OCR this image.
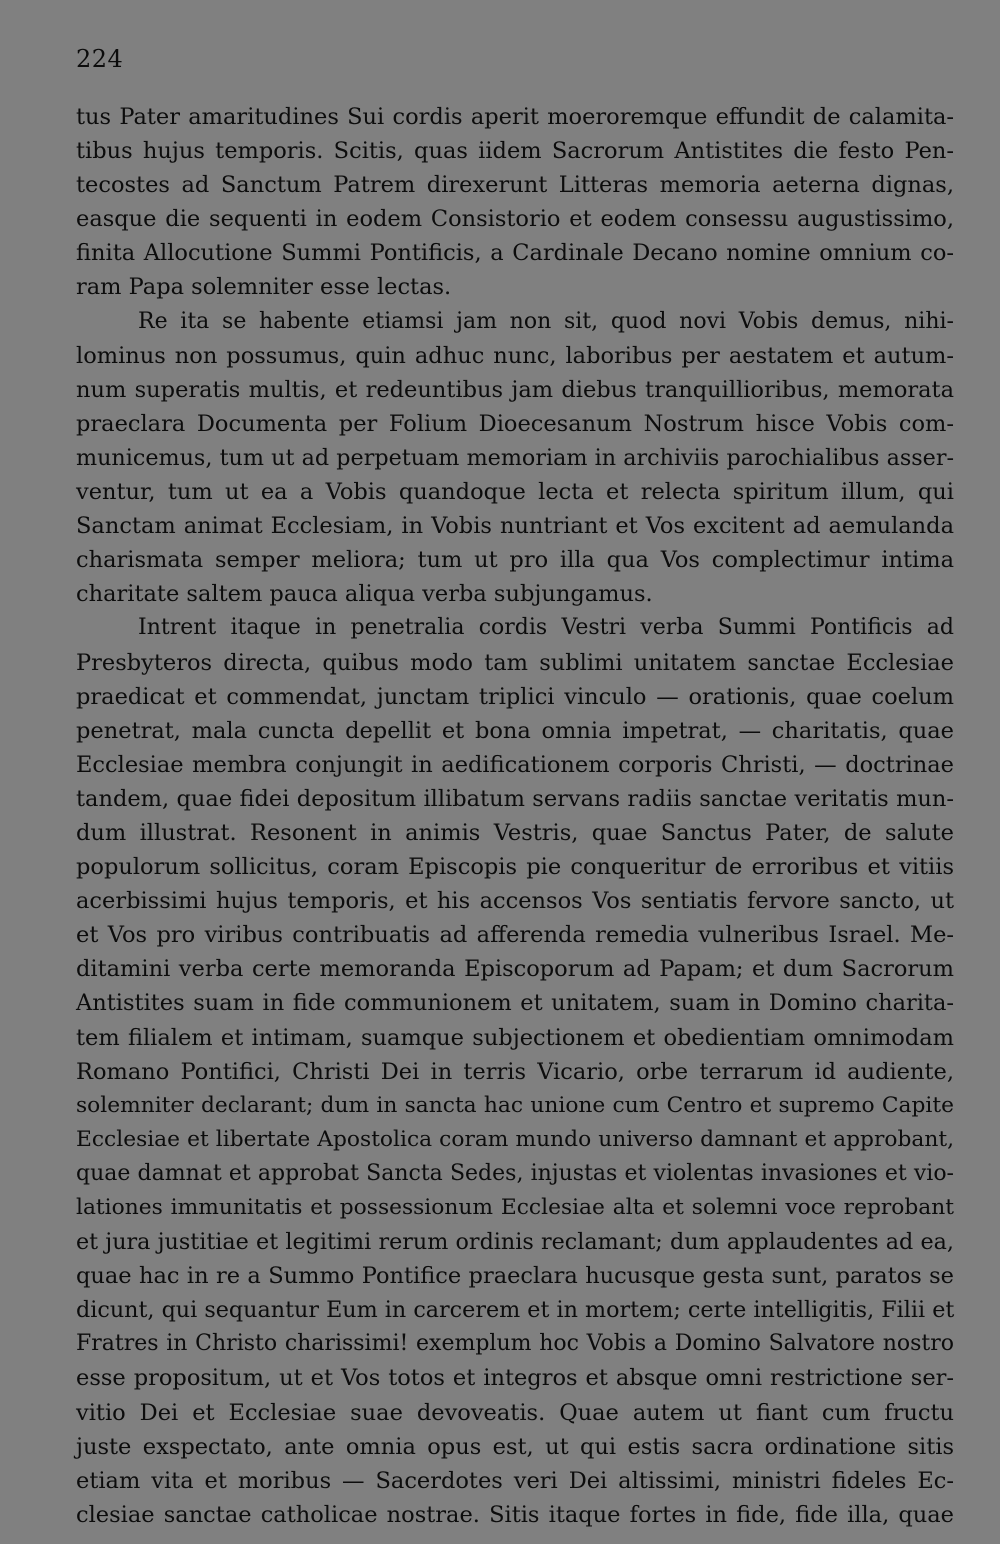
224
tus Pater amaritudines Sui cordis aperit moeroremque effundit de calamita-
tibus hujus temporis. Scitis, quas iidem Sacrorum Antistites die festo Pen-
tecostes ad Sanctum Patrem direxerunt Litteras memoria aeterna dignas,
easque die sequenti in eodem Consistorio et eodem consessu augustissimo,
finita Allocutione Summi Pontificis, a Cardinale Decano nomine omnium co-
ram Papa solemniter esse lectas.
Re ita se habente etiamsi jam non sit, quod novi Vobis demus, nihi-
lominus non possumus, quin adhuc nunc, laboribus per aestatem et autum-
num superatis multis, et redeuntibus jam diebus tranquillioribus, memorata
praeclara Documenta per Folium Dioecesanum Nostrum hisce Vobis com-
municemus, tum ut ad perpetuam memoriam in archiviis parochialibus asser-
ventur, tum ut ea a Vobis quandoque lecta et relecta spiritum illum, qui
Sanctam animat Ecclesiam, in Vobis nuntriant et Vos excitent ad aemulanda
charismata semper meliora; tum ut pro illa qua Vos complectimur intima
charitate saltem pauca aliqua verba subjungamus.
Intrent itaque in penetralia cordis Vestri verba Summi Pontificis ad
Presbyteros directa, quibus modo tam sublimi unitatem sanctae Ecclesiae
praedicat et commendat, junctam triplici vinculo — orationis, quae coelum
penetrat, mala cuncta depellit et bona omnia impetrat, — charitatis, quae
Ecclesiae membra conjungit in aedificationem corporis Christi, — doctrinae
tandem, quae fidei depositum illibatum servans radiis sanctae veritatis mun-
dum illustrat. Resonent in animis Vestris, quae Sanctus Pater, de salute
populorum sollicitus, coram Episcopis pie conqueritur de erroribus et vitiis
acerbissimi hujus temporis, et his accensos Vos sentiatis fervore sancto, ut
et Vos pro viribus contribuatis ad afferenda remedia vulneribus Israel. Me-
ditamini verba certe memoranda Episcoporum ad Papam; et dum Sacrorum
Antistites suam in fide communionem et unitatem, suam in Domino charita-
tem filialem et intimam, suamque subjectionem et obedientiam omnimodam
Romano Pontifici, Christi Dei in terris Vicario, orbe terrarum id audiente,
solemniter declarant; dum in sancta hac unione cum Centro et supremo Capite
Ecclesiae et libertate Apostolica coram mundo universo damnant et approbant,
quae damnat et approbat Sancta Sedes, injustas et violentas invasiones et vio-
lationes immunitatis et possessionum Ecclesiae alta et solemni voce reprobant
et jura justitiae et legitimi rerum ordinis reclamant; dum applaudentes ad ea,
quae hac in re a Summo Pontifice praeclara hucusque gesta sunt, paratos se
dicunt, qui sequantur Eum in carcerem et in mortem; certe intelligitis, Filii et
Fratres in Christo charissimi! exemplum hoc Vobis a Domino Salvatore nostro
esse propositum, ut et Vos totos et integros et absque omni restrictione ser-
vitio Dei et Ecclesiae suae devoveatis. Quae autem ut fiant cum fructu
juste exspectato, ante omnia opus est, ut qui estis sacra ordinatione sitis
etiam vita et moribus — Sacerdotes veri Dei altissimi, ministri fideles Ec-
clesiae sanctae catholicae nostrae. Sitis itaque fortes in fide, fide illa, quae
